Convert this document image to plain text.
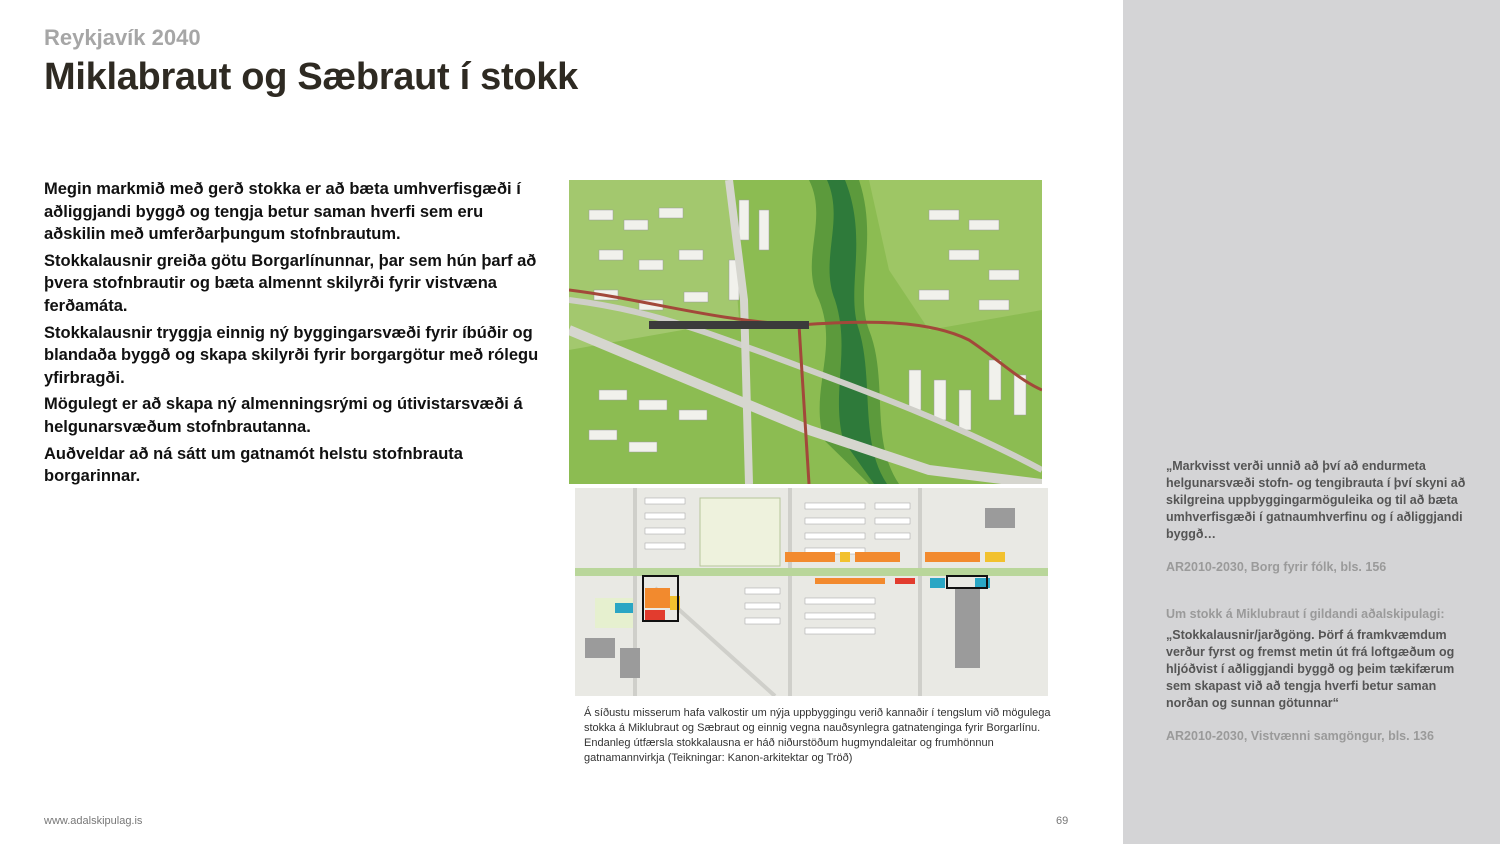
Reykjavík 2040
Miklabraut og Sæbraut í stokk

Megin markmið með gerð stokka er að bæta umhverfisgæði í aðliggjandi byggð og tengja betur saman hverfi sem eru aðskilin með umferðarþungum stofnbrautum.

Stokkalausnir greiða götu Borgarlínunnar, þar sem hún þarf að þvera stofnbrautir og bæta almennt skilyrði fyrir vistvæna ferðamáta.

Stokkalausnir tryggja einnig ný byggingarsvæði fyrir íbúðir og blandaða byggð og skapa skilyrði fyrir borgargötur með rólegu yfirbragði.

Mögulegt er að skapa ný almenningsrými og útivistarsvæði á helgunarsvæðum stofnbrautanna.

Auðveldar að ná sátt um gatnamót helstu stofnbrauta borgarinnar.

Á síðustu misserum hafa valkostir um nýja uppbyggingu verið kannaðir í tengslum við mögulega stokka á Miklubraut og Sæbraut og einnig vegna nauðsynlegra gatnatenginga fyrir Borgarlínu. Endanleg útfærsla stokkalausna er háð niðurstöðum hugmyndaleitar og frumhönnun gatnamannvirkja (Teikningar: Kanon-arkitektar og Tröð)
„Markvisst verði unnið að því að endurmeta helgunarsvæði stofn- og tengibrauta í því skyni að skilgreina uppbyggingarmöguleika og til að bæta umhverfisgæði í gatnaumhverfinu og í aðliggjandi byggð…
AR2010-2030, Borg fyrir fólk, bls. 156
Um stokk á Miklubraut í gildandi aðalskipulagi:
„Stokkalausnir/jarðgöng. Þörf á framkvæmdum verður fyrst og fremst metin út frá loftgæðum og hljóðvist í aðliggjandi byggð og þeim tækifærum sem skapast við að tengja hverfi betur saman norðan og sunnan götunnar“
AR2010-2030, Vistvænni samgöngur, bls. 136
www.adalskipulag.is	69
